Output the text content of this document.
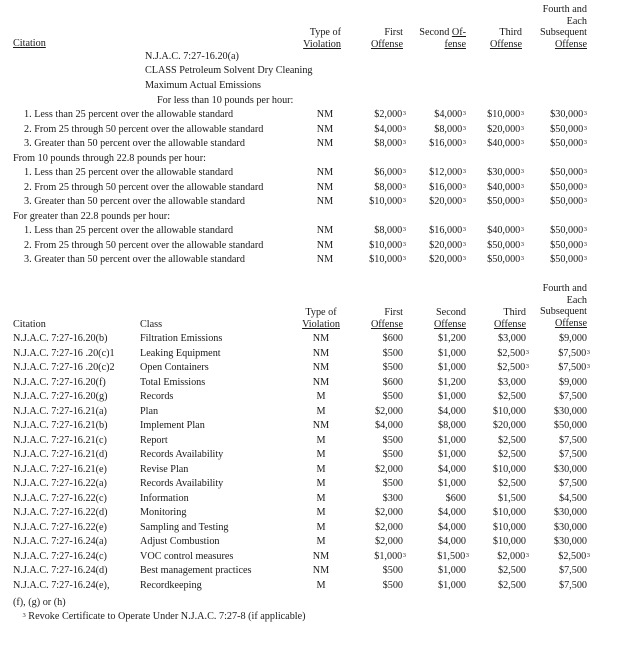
Citation
Type of
Violation
First
Offense
Second Of-
fense
Third
Offense
Fourth and
Each
Subsequent
Offense
N.J.A.C. 7:27-16.20(a)
CLASS Petroleum Solvent Dry Cleaning
Maximum Actual Emissions
For less than 10 pounds per hour:
1. Less than 25 percent over the allowable standard	NM	$2,000$^3$	$4,000$^3$ $10,000$^3$	$30,000$^3$
2. From 25 through 50 percent over the allowable standard	NM	$4,000$^3$	$8,000$^3$ $20,000$^3$	$50,000$^3$
3. Greater than 50 percent over the allowable standard	NM	$8,000$^3$ $16,000$^3$ $40,000$^3$	$50,000$^3$
From 10 pounds through 22.8 pounds per hour:
1. Less than 25 percent over the allowable standard	NM	$6,000$^3$ $12,000$^3$ $30,000$^3$	$50,000$^3$
2. From 25 through 50 percent over the allowable standard	NM	$8,000$^3$ $16,000$^3$ $40,000$^3$	$50,000$^3$
3. Greater than 50 percent over the allowable standard	NM	$10,000$^3$ $20,000$^3$ $50,000$^3$	$50,000$^3$
For greater than 22.8 pounds per hour:
1. Less than 25 percent over the allowable standard	NM	$8,000$^3$ $16,000$^3$ $40,000$^3$	$50,000$^3$
2. From 25 through 50 percent over the allowable standard	NM	$10,000$^3$ $20,000$^3$ $50,000$^3$	$50,000$^3$
3. Greater than 50 percent over the allowable standard	NM	$10,000$^3$ $20,000$^3$ $50,000$^3$	$50,000$^3$
Citation	Class
Type of
Violation
First
Offense
Second
Offense
Third
Offense
Fourth and
Each
Subsequent
Offense
N.J.A.C. 7:27-16.20(b)	Filtration Emissions	NM	$600	$1,200	$3,000	$9,000
N.J.A.C. 7:27-16 .20(c)1 Leaking Equipment	NM	$500	$1,000	$2,500$^3$	$7,500$^3$
N.J.A.C. 7:27-16 .20(c)2 Open Containers	NM	$500	$1,000	$2,500$^3$	$7,500$^3$
N.J.A.C. 7:27-16.20(f)	Total Emissions	NM	$600	$1,200	$3,000	$9,000
N.J.A.C. 7:27-16.20(g)	Records	M	$500	$1,000	$2,500	$7,500
N.J.A.C. 7:27-16.21(a)	Plan	M	$2,000	$4,000	$10,000	$30,000
N.J.A.C. 7:27-16.21(b)	Implement Plan	NM	$4,000	$8,000	$20,000	$50,000
N.J.A.C. 7:27-16.21(c)	Report	M	$500	$1,000	$2,500	$7,500
N.J.A.C. 7:27-16.21(d)	Records Availability	M	$500	$1,000	$2,500	$7,500
N.J.A.C. 7:27-16.21(e)	Revise Plan	M	$2,000	$4,000	$10,000	$30,000
N.J.A.C. 7:27-16.22(a)	Records Availability	M	$500	$1,000	$2,500	$7,500
N.J.A.C. 7:27-16.22(c)	Information	M	$300	$600	$1,500	$4,500
N.J.A.C. 7:27-16.22(d)	Monitoring	M	$2,000	$4,000	$10,000	$30,000
N.J.A.C. 7:27-16.22(e)	Sampling and Testing	M	$2,000	$4,000	$10,000	$30,000
N.J.A.C. 7:27-16.24(a)	Adjust Combustion	M	$2,000	$4,000	$10,000	$30,000
N.J.A.C. 7:27-16.24(c)	VOC control measures	NM	$1,000$^3$	$1,500$^3$	$2,000$^3$	$2,500$^3$
N.J.A.C. 7:27-16.24(d)	Best management practices	NM	$500	$1,000	$2,500	$7,500
N.J.A.C. 7:27-16.24(e),	Recordkeeping	M	$500	$1,000	$2,500	$7,500
(f), (g) or (h)
$^3$ Revoke Certificate to Operate Under N.J.A.C. 7:27-8 (if applicable)
